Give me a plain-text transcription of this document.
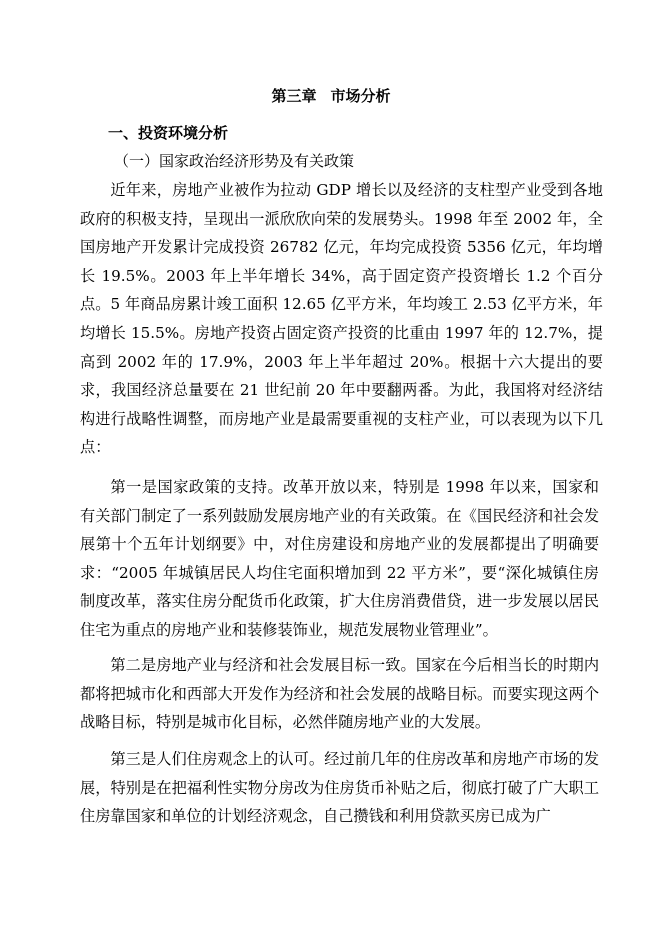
第三章 市场分析
一、投资环境分析
（一）国家政治经济形势及有关政策

近年来，房地产业被作为拉动 GDP 增长以及经济的支柱型产业受到各地政府的积极支持，呈现出一派欣欣向荣的发展势头。1998 年至 2002 年，全国房地产开发累计完成投资 26782 亿元，年均完成投资 5356 亿元，年均增长 19.5%。2003 年上半年增长 34%，高于固定资产投资增长 1.2 个百分点。5 年商品房累计竣工面积 12.65 亿平方米，年均竣工 2.53 亿平方米，年均增长 15.5%。房地产投资占固定资产投资的比重由 1997 年的 12.7%，提高到 2002 年的 17.9%，2003 年上半年超过 20%。根据十六大提出的要求，我国经济总量要在 21 世纪前 20 年中要翻两番。为此，我国将对经济结构进行战略性调整，而房地产业是最需要重视的支柱产业，可以表现为以下几点：

第一是国家政策的支持。改革开放以来，特别是 1998 年以来，国家和有关部门制定了一系列鼓励发展房地产业的有关政策。在《国民经济和社会发展第十个五年计划纲要》中，对住房建设和房地产业的发展都提出了明确要求：“2005 年城镇居民人均住宅面积增加到 22 平方米”，要“深化城镇住房制度改革，落实住房分配货币化政策，扩大住房消费借贷，进一步发展以居民住宅为重点的房地产业和装修装饰业，规范发展物业管理业”。

第二是房地产业与经济和社会发展目标一致。国家在今后相当长的时期内都将把城市化和西部大开发作为经济和社会发展的战略目标。而要实现这两个战略目标，特别是城市化目标，必然伴随房地产业的大发展。

第三是人们住房观念上的认可。经过前几年的住房改革和房地产市场的发展，特别是在把福利性实物分房改为住房货币补贴之后，彻底打破了广大职工住房靠国家和单位的计划经济观念，自己攒钱和利用贷款买房已成为广
